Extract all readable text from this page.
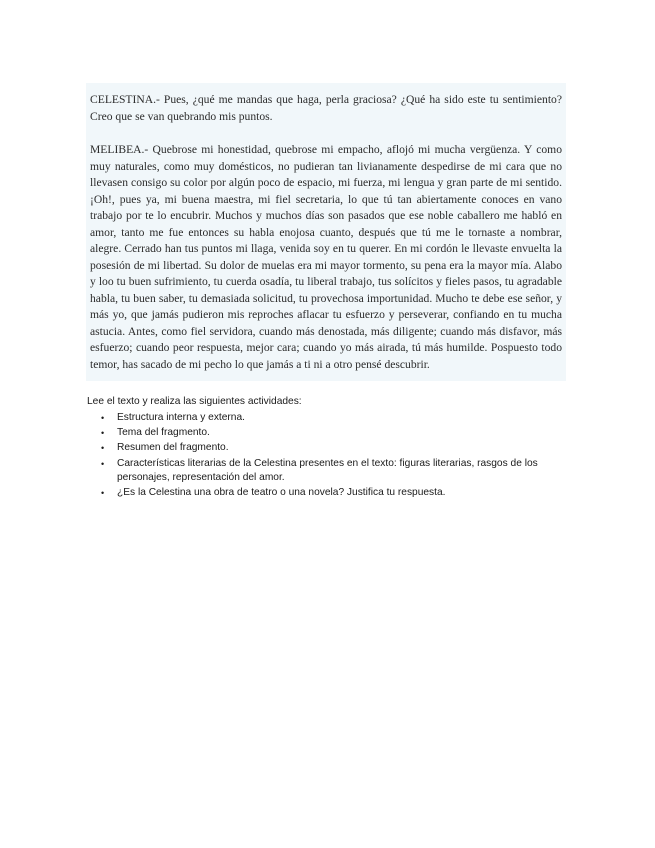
CELESTINA.- Pues, ¿qué me mandas que haga, perla graciosa? ¿Qué ha sido este tu sentimiento? Creo que se van quebrando mis puntos.

MELIBEA.- Quebrose mi honestidad, quebrose mi empacho, aflojó mi mucha vergüenza. Y como muy naturales, como muy domésticos, no pudieran tan livianamente despedirse de mi cara que no llevasen consigo su color por algún poco de espacio, mi fuerza, mi lengua y gran parte de mi sentido. ¡Oh!, pues ya, mi buena maestra, mi fiel secretaria, lo que tú tan abiertamente conoces en vano trabajo por te lo encubrir. Muchos y muchos días son pasados que ese noble caballero me habló en amor, tanto me fue entonces su habla enojosa cuanto, después que tú me le tornaste a nombrar, alegre. Cerrado han tus puntos mi llaga, venida soy en tu querer. En mi cordón le llevaste envuelta la posesión de mi libertad. Su dolor de muelas era mi mayor tormento, su pena era la mayor mía. Alabo y loo tu buen sufrimiento, tu cuerda osadía, tu liberal trabajo, tus solícitos y fieles pasos, tu agradable habla, tu buen saber, tu demasiada solicitud, tu provechosa importunidad. Mucho te debe ese señor, y más yo, que jamás pudieron mis reproches aflacar tu esfuerzo y perseverar, confiando en tu mucha astucia. Antes, como fiel servidora, cuando más denostada, más diligente; cuando más disfavor, más esfuerzo; cuando peor respuesta, mejor cara; cuando yo más airada, tú más humilde. Pospuesto todo temor, has sacado de mi pecho lo que jamás a ti ni a otro pensé descubrir.

Lee el texto y realiza las siguientes actividades:

• Estructura interna y externa.
• Tema del fragmento.
• Resumen del fragmento.
• Características literarias de la Celestina presentes en el texto: figuras literarias, rasgos de los personajes, representación del amor.
• ¿Es la Celestina una obra de teatro o una novela? Justifica tu respuesta.
